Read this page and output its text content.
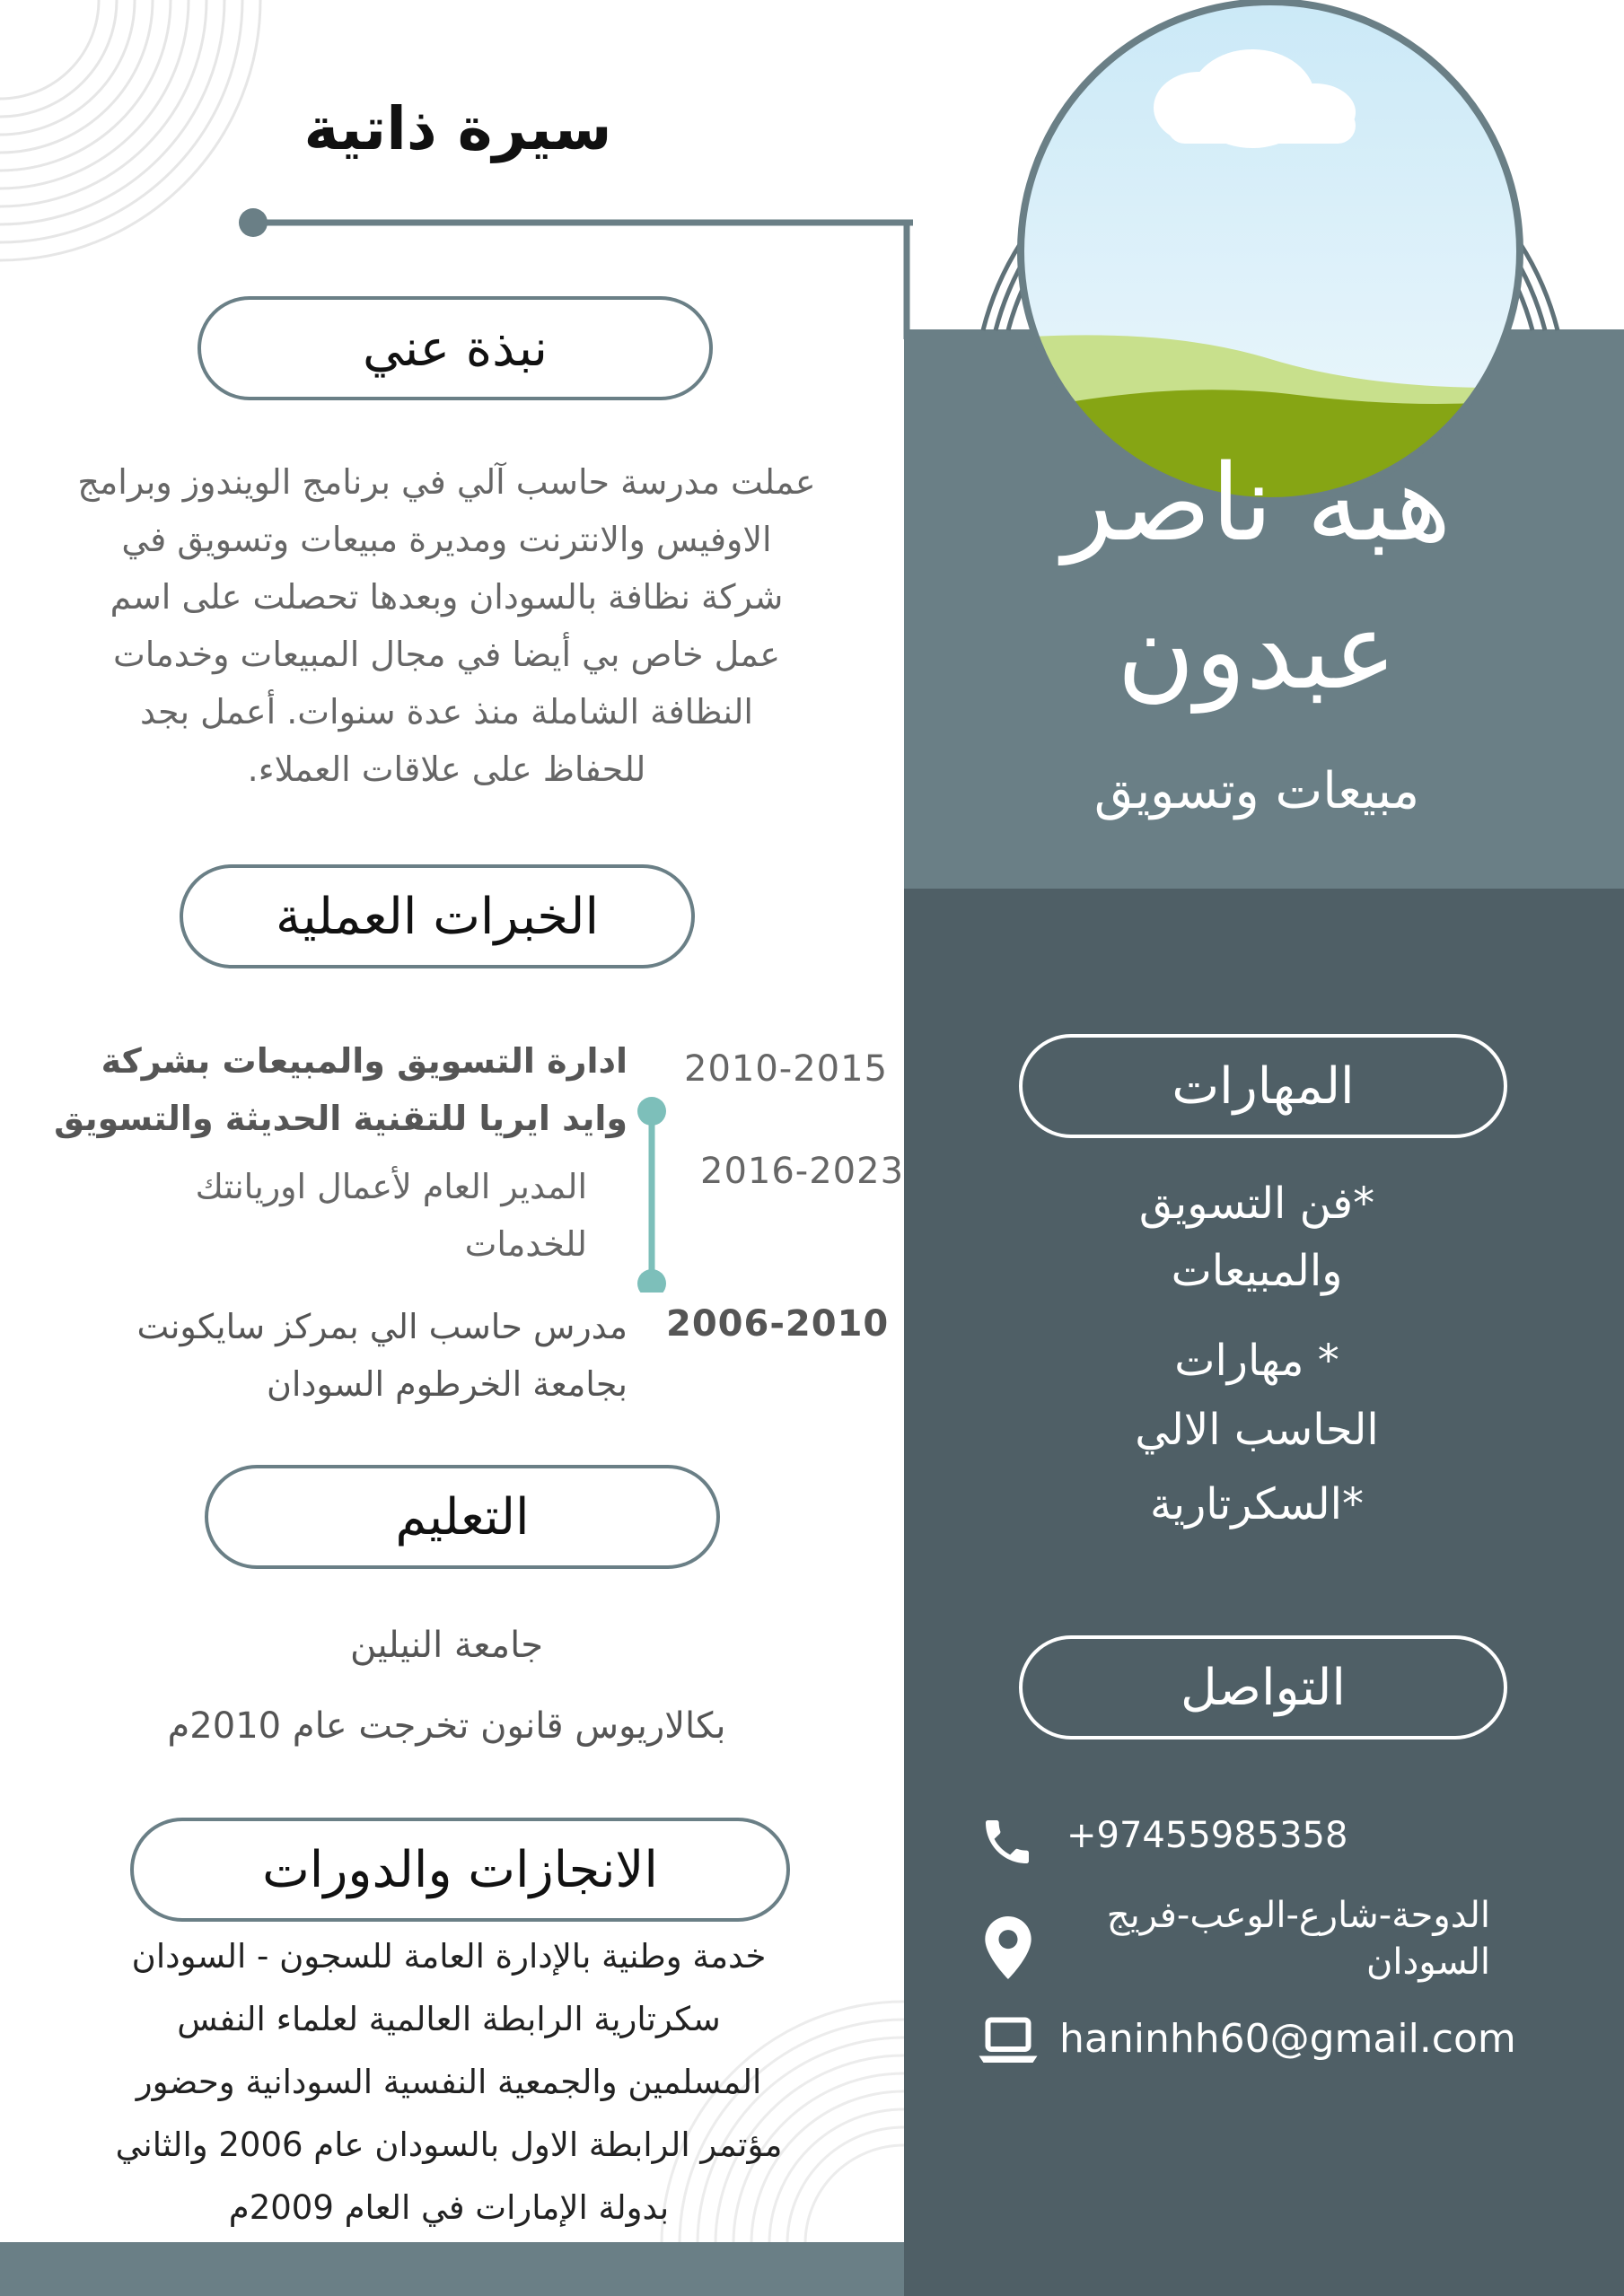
سيرة ذاتية
هبه ناصر
عبدون
مبيعات وتسويق
نبذة عني
عملت مدرسة حاسب آلي في برنامج الويندوز وبرامج
الاوفيس والانترنت ومديرة مبيعات وتسويق في
شركة نظافة بالسودان وبعدها تحصلت على اسم
عمل خاص بي أيضا في مجال المبيعات وخدمات
النظافة الشاملة منذ عدة سنوات. أعمل بجد
للحفاظ على علاقات العملاء.
الخبرات العملية
ادارة التسويق والمبيعات بشركة
وايد ايريا للتقنية الحديثة والتسويق
2010-2015
المدير العام لأعمال اوريانتك
للخدمات
2016-2023
مدرس حاسب الي بمركز سايكونت
بجامعة الخرطوم السودان
2006-2010
التعليم
جامعة النيلين
بكالاريوس قانون تخرجت عام 2010م
الانجازات والدورات
خدمة وطنية بالإدارة العامة للسجون - السودان
سكرتارية الرابطة العالمية لعلماء النفس
المسلمين والجمعية النفسية السودانية وحضور
مؤتمر الرابطة الاول بالسودان عام 2006 والثاني
بدولة الإمارات في العام 2009م
المهارات
*فن التسويق
والمبيعات
* مهارات
الحاسب الالي
*السكرتارية
التواصل
+97455985358
الدوحة-شارع-الوعب-فريج
السودان
haninhh60@gmail.com
